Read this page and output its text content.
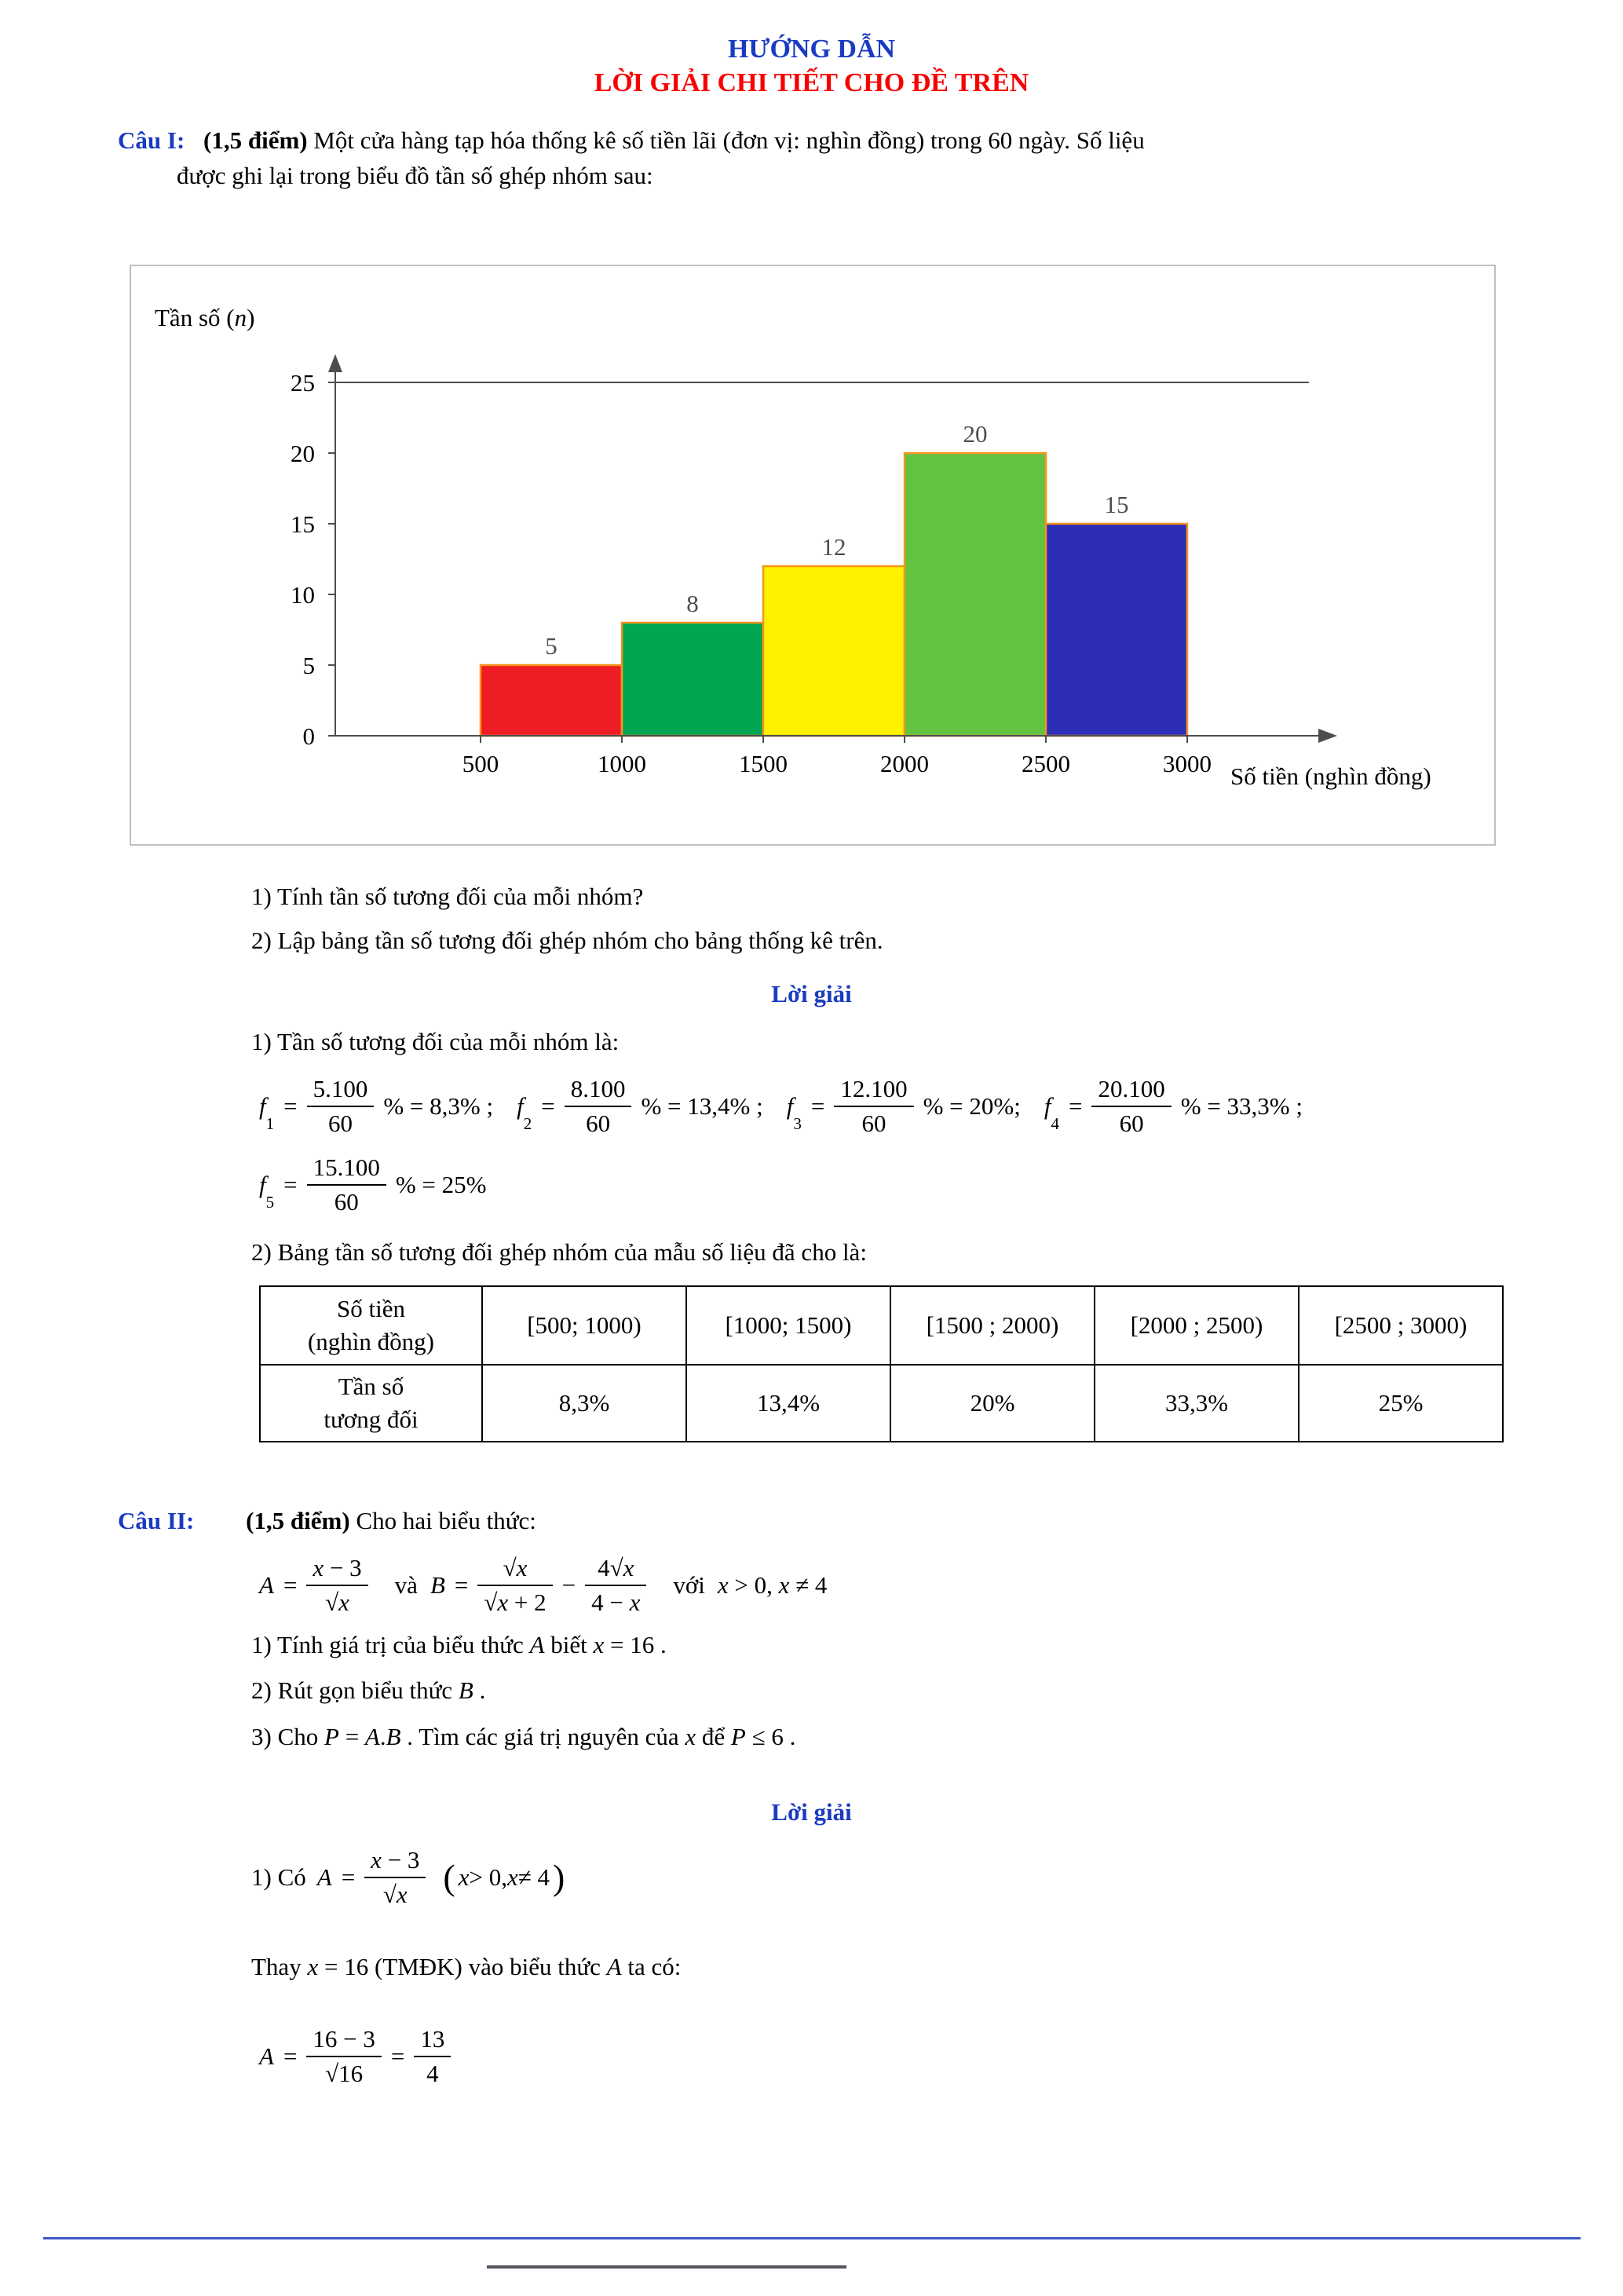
HƯỚNG DẪN
LỜI GIẢI CHI TIẾT CHO ĐỀ TRÊN
Câu I: (1,5 điểm) Một cửa hàng tạp hóa thống kê số tiền lãi (đơn vị: nghìn đồng) trong 60 ngày. Số liệu
được ghi lại trong biểu đồ tần số ghép nhóm sau:
Tần số (n)
5
8
12
20
15
0
5
10
15
20
25
500	1000	1500	2000	2500	3000 Số tiền (nghìn đồng)
1) Tính tần số tương đối của mỗi nhóm?
2) Lập bảng tần số tương đối ghép nhóm cho bảng thống kê trên.
Lời giải
1) Tần số tương đối của mỗi nhóm là:
f
$_1$
= $\frac{5.100}{60}$ % = 8,3% ; f
$_2$
= $\frac{8.100}{60}$ % = 13,4% ; f
$_3$
= $\frac{12.100}{60}$ % = 20%; f
$_4$
= $\frac{20.100}{60}$ % = 33,3% ;
f
$_5$
= $\frac{15.100}{60}$ % = 25%
2) Bảng tần số tương đối ghép nhóm của mẫu số liệu đã cho là:
Số tiền
(nghìn đồng)	[500; 1000)	[1000; 1500)	[1500 ; 2000)	[2000 ; 2500)	[2500 ; 3000)

Tần số
tương đối	8,3%	13,4%	20%	33,3%	25%
Câu II: (1,5 điểm) Cho hai biểu thức:
$A = \frac{x - 3}{√x}$ và $B = \frac{√x}{√x + 2} - \frac{4√x}{4 - x}$ với x > 0, x ≠ 4
1) Tính giá trị của biểu thức A biết x = 16 .
2) Rút gọn biểu thức B .
3) Cho P = A.B . Tìm các giá trị nguyên của x để P ≤ 6 .
Lời giải
1) Có $A = \frac{x - 3}{√x}$ ( x > 0, x ≠ 4 )
Thay x = 16 (TMĐK) vào biểu thức A ta có:
$A = \frac{16 - 3}{√16} = \frac{13}{4}$
